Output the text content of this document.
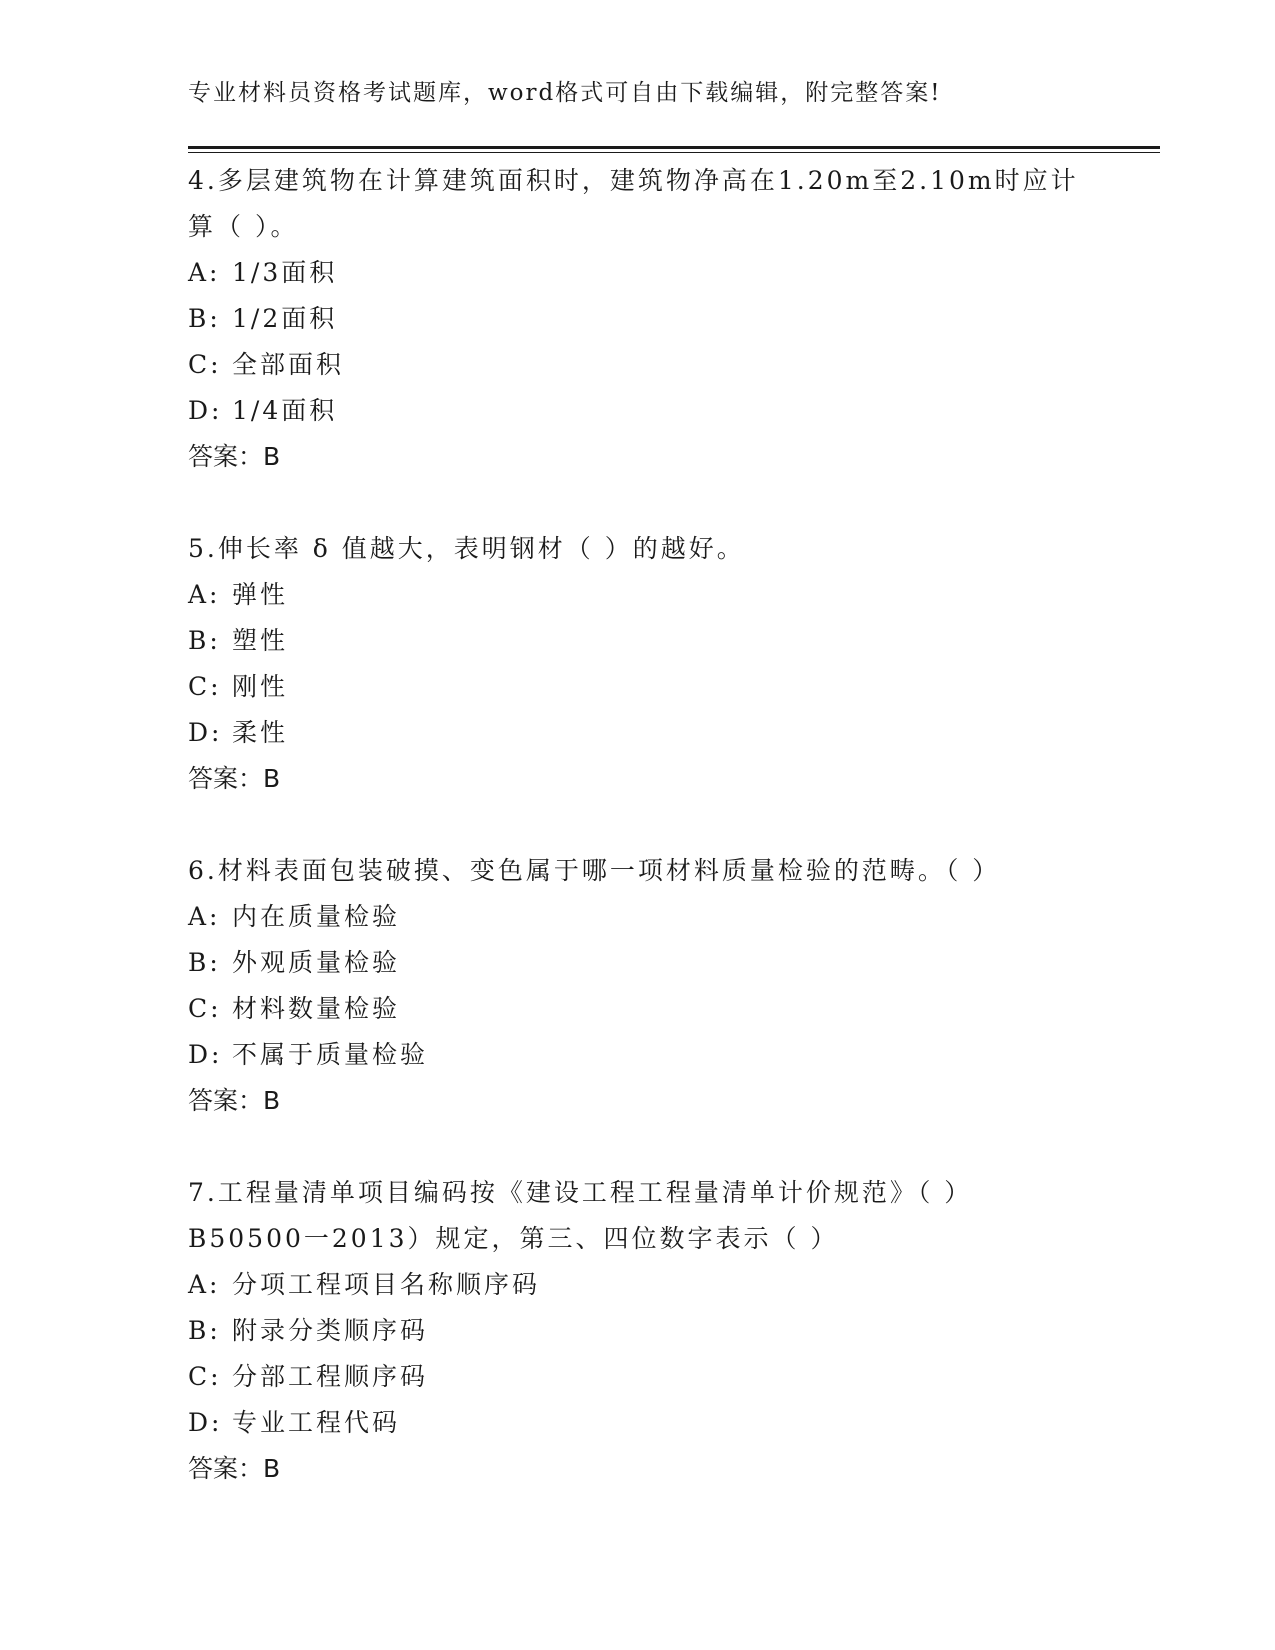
专业材料员资格考试题库，word格式可自由下载编辑，附完整答案!

4.多层建筑物在计算建筑面积时，建筑物净高在1.20m至2.10m时应计算（ ）。

A: 1/3面积
B: 1/2面积
C: 全部面积
D: 1/4面积

答案：B

5.伸长率 δ 值越大，表明钢材（ ）的越好。

A: 弹性
B: 塑性
C: 刚性
D: 柔性

答案：B

6.材料表面包装破摸、变色属于哪一项材料质量检验的范畴。（ ）

A: 内在质量检验
B: 外观质量检验
C: 材料数量检验
D: 不属于质量检验

答案：B

7.工程量清单项目编码按《建设工程工程量清单计价规范》（ ）B50500一2013）规定，第三、四位数字表示（ ）

A: 分项工程项目名称顺序码
B: 附录分类顺序码
C: 分部工程顺序码
D: 专业工程代码

答案：B
